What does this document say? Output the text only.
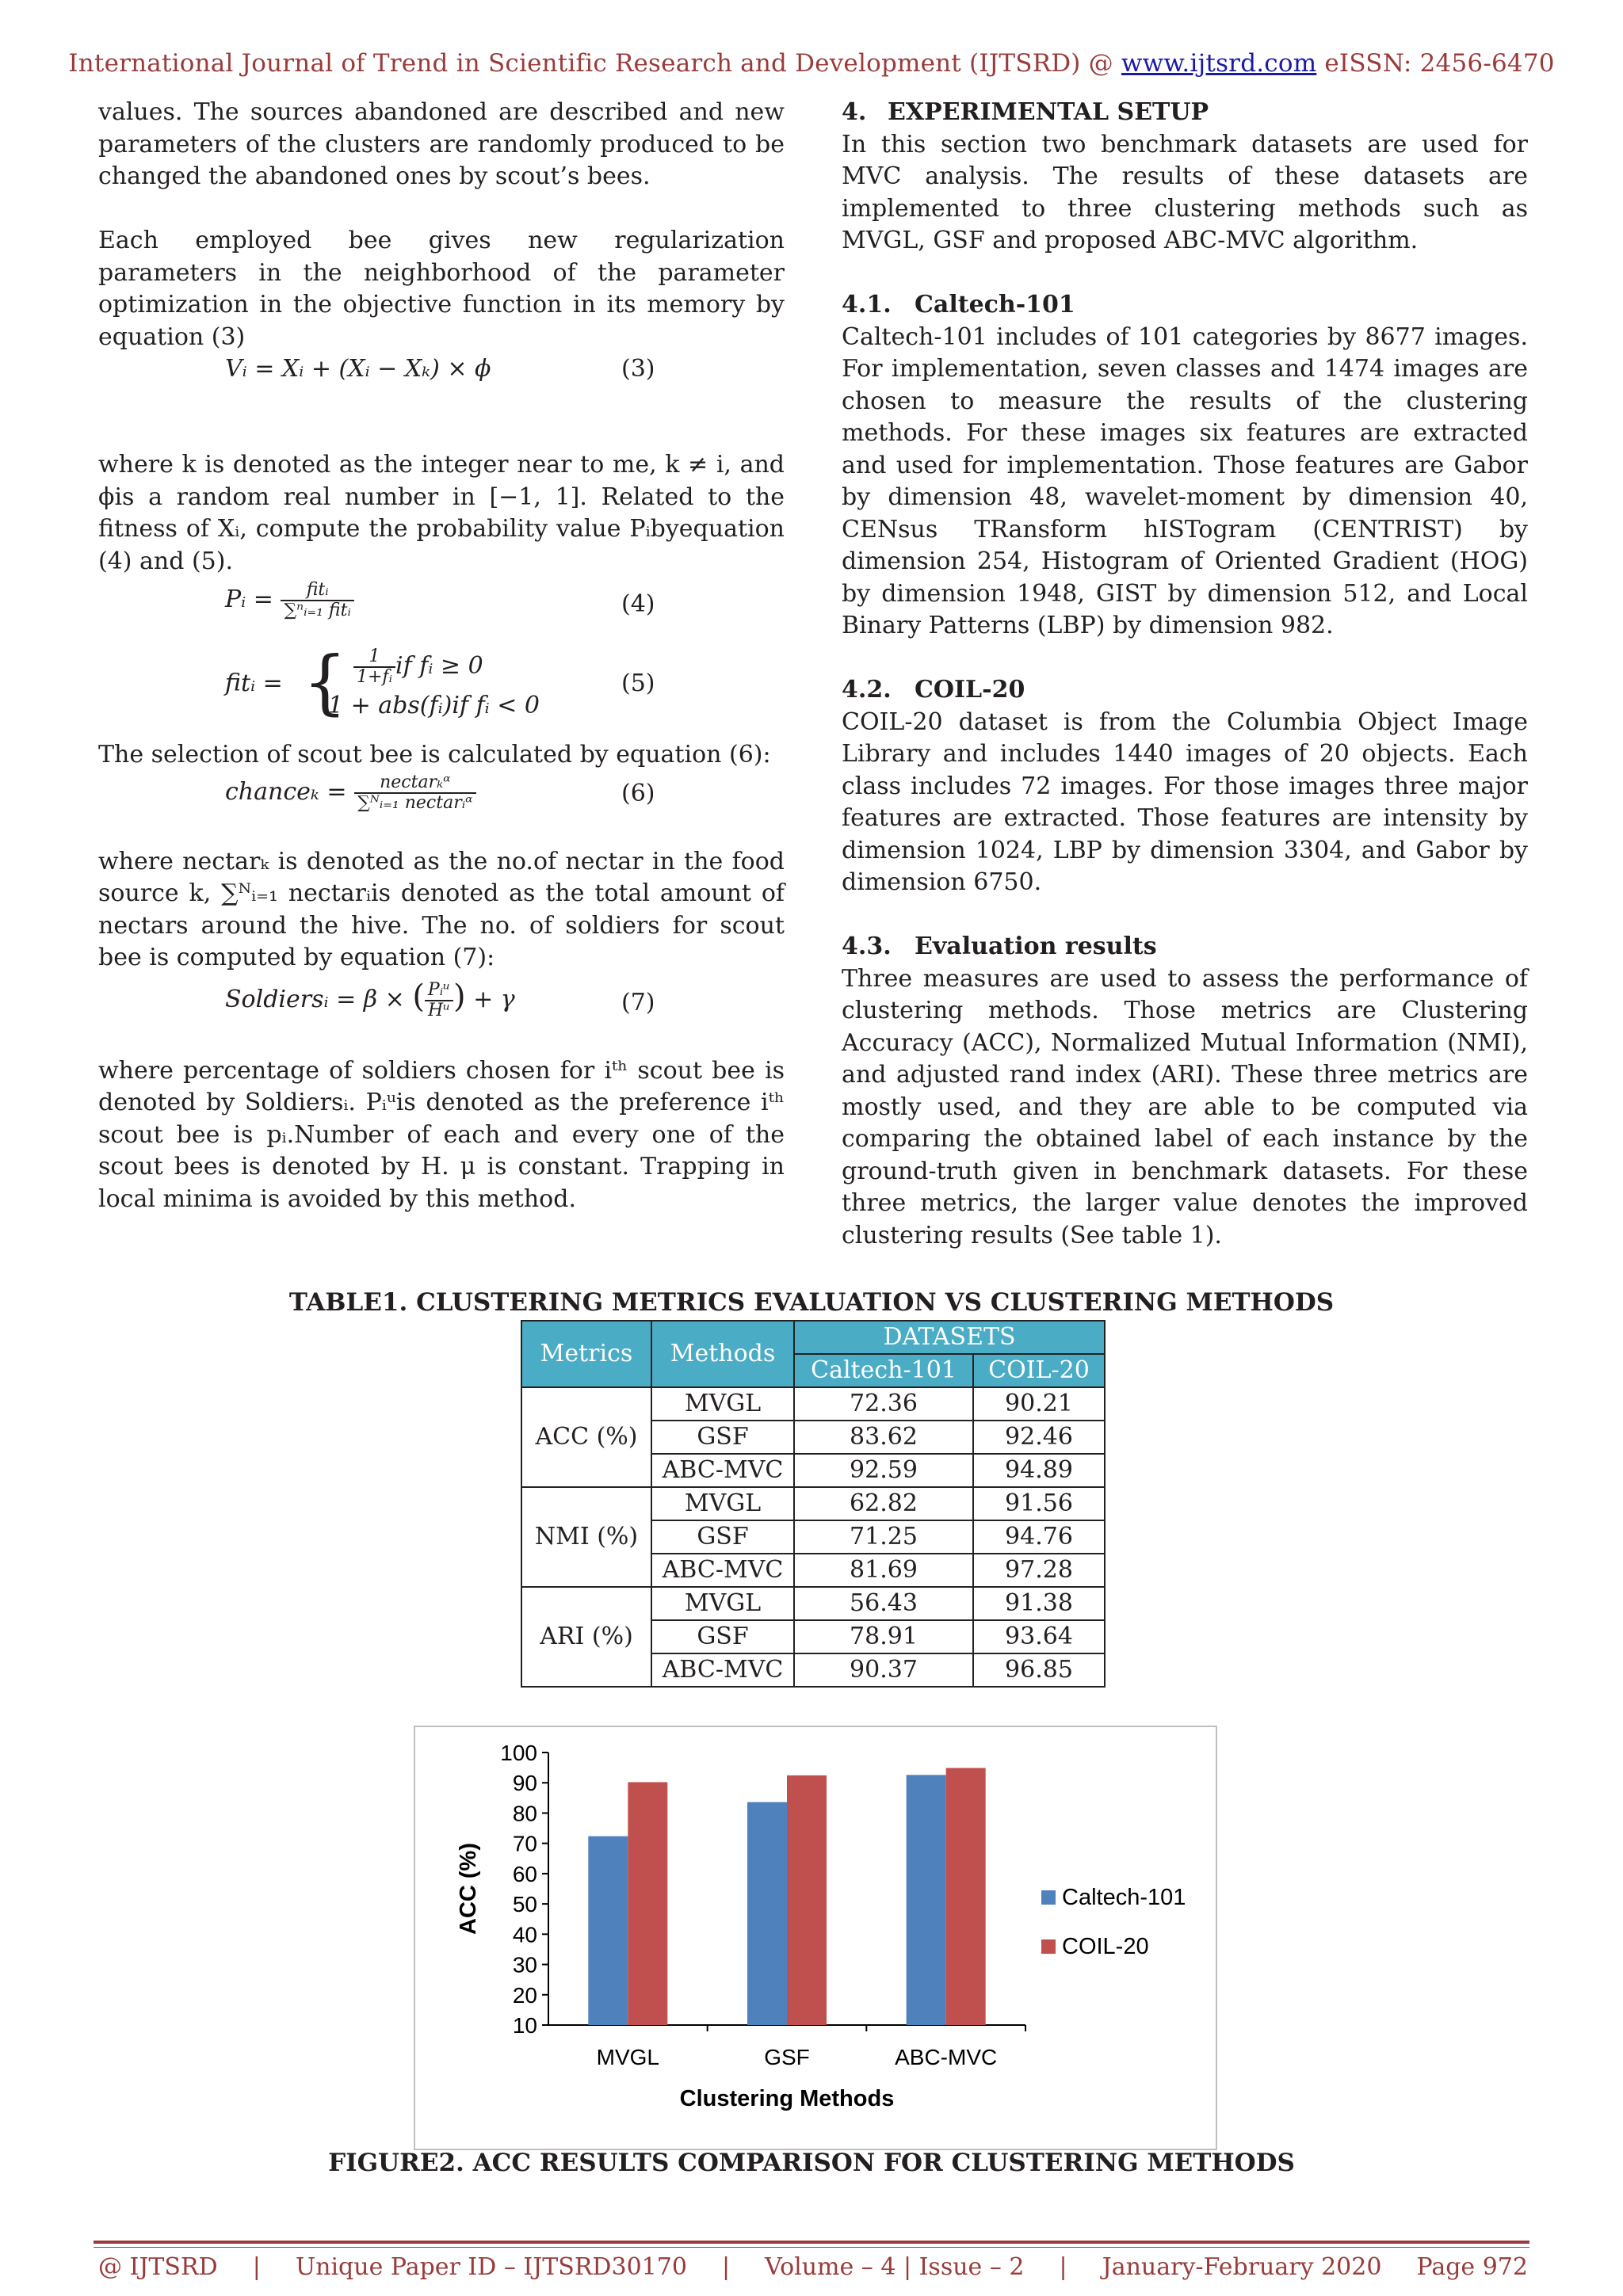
International Journal of Trend in Scientific Research and Development (IJTSRD) @ www.ijtsrd.com eISSN: 2456-6470

values. The sources abandoned are described and new parameters of the clusters are randomly produced to be changed the abandoned ones by scout’s bees.

Each employed bee gives new regularization parameters in the neighborhood of the parameter optimization in the objective function in its memory by equation (3)

Vᵢ = Xᵢ + (Xᵢ − Xₖ) × ϕ	(3)

where k is denoted as the integer near to me, k ≠ i, and ϕis a random real number in [−1, 1]. Related to the fitness of Xᵢ, compute the probability value Pᵢbyequation (4) and (5).

Pᵢ = $\frac{\text{fitᵢ}}{\text{∑ⁿᵢ₌₁ fitᵢ}}$	(4)
fitᵢ = { $\frac{1}{\text{1+fᵢ}}$ if fᵢ ≥ 0
1 + abs(fᵢ)if fᵢ < 0
(5)

The selection of scout bee is calculated by equation (6):

chanceₖ = $\frac{\text{nectarₖᵅ}}{\text{∑ᴺᵢ₌₁ nectarᵢᵅ}}$	(6)

where nectarₖ is denoted as the no.of nectar in the food source k, ∑ᴺᵢ₌₁ nectarᵢis denoted as the total amount of nectars around the hive. The no. of soldiers for scout bee is computed by equation (7):

Soldiersᵢ = β × ( $\frac{\text{Pᵢᵘ}}{\text{Hᵘ}}$ ) + γ	(7)

where percentage of soldiers chosen for iᵗʰ scout bee is denoted by Soldiersᵢ. Pᵢᵘis denoted as the preference iᵗʰ scout bee is pᵢ.Number of each and every one of the scout bees is denoted by H. μ is constant. Trapping in local minima is avoided by this method.

4. EXPERIMENTAL SETUP

In this section two benchmark datasets are used for MVC analysis. The results of these datasets are implemented to three clustering methods such as MVGL, GSF and proposed ABC-MVC algorithm.

4.1. Caltech-101

Caltech-101 includes of 101 categories by 8677 images. For implementation, seven classes and 1474 images are chosen to measure the results of the clustering methods. For these images six features are extracted and used for implementation. Those features are Gabor by dimension 48, wavelet-moment by dimension 40, CENsus TRansform hISTogram (CENTRIST) by dimension 254, Histogram of Oriented Gradient (HOG) by dimension 1948, GIST by dimension 512, and Local Binary Patterns (LBP) by dimension 982.

4.2. COIL-20

COIL-20 dataset is from the Columbia Object Image Library and includes 1440 images of 20 objects. Each class includes 72 images. For those images three major features are extracted. Those features are intensity by dimension 1024, LBP by dimension 3304, and Gabor by dimension 6750.

4.3. Evaluation results

Three measures are used to assess the performance of clustering methods. Those metrics are Clustering Accuracy (ACC), Normalized Mutual Information (NMI), and adjusted rand index (ARI). These three metrics are mostly used, and they are able to be computed via comparing the obtained label of each instance by the ground-truth given in benchmark datasets. For these three metrics, the larger value denotes the improved clustering results (See table 1).

TABLE1. CLUSTERING METRICS EVALUATION VS CLUSTERING METHODS
Metrics	Methods	DATASETS	
		Caltech-101	COIL-20
ACC (%)	MVGL	72.36	90.21
	GSF	83.62	92.46
	ABC-MVC	92.59	94.89
NMI (%)	MVGL	62.82	91.56
	GSF	71.25	94.76
	ABC-MVC	81.69	97.28
ARI (%)	MVGL	56.43	91.38
	GSF	78.91	93.64
	ABC-MVC	90.37	96.85
10
20
30
40
50
60
70
80
90
100
MVGL	GSF	ABC-MVC
Clustering Methods
ACC (%)	Caltech-101
COIL-20
FIGURE2. ACC RESULTS COMPARISON FOR CLUSTERING METHODS
@ IJTSRD | Unique Paper ID – IJTSRD30170 | Volume – 4 | Issue – 2 | January-February 2020 Page 972
